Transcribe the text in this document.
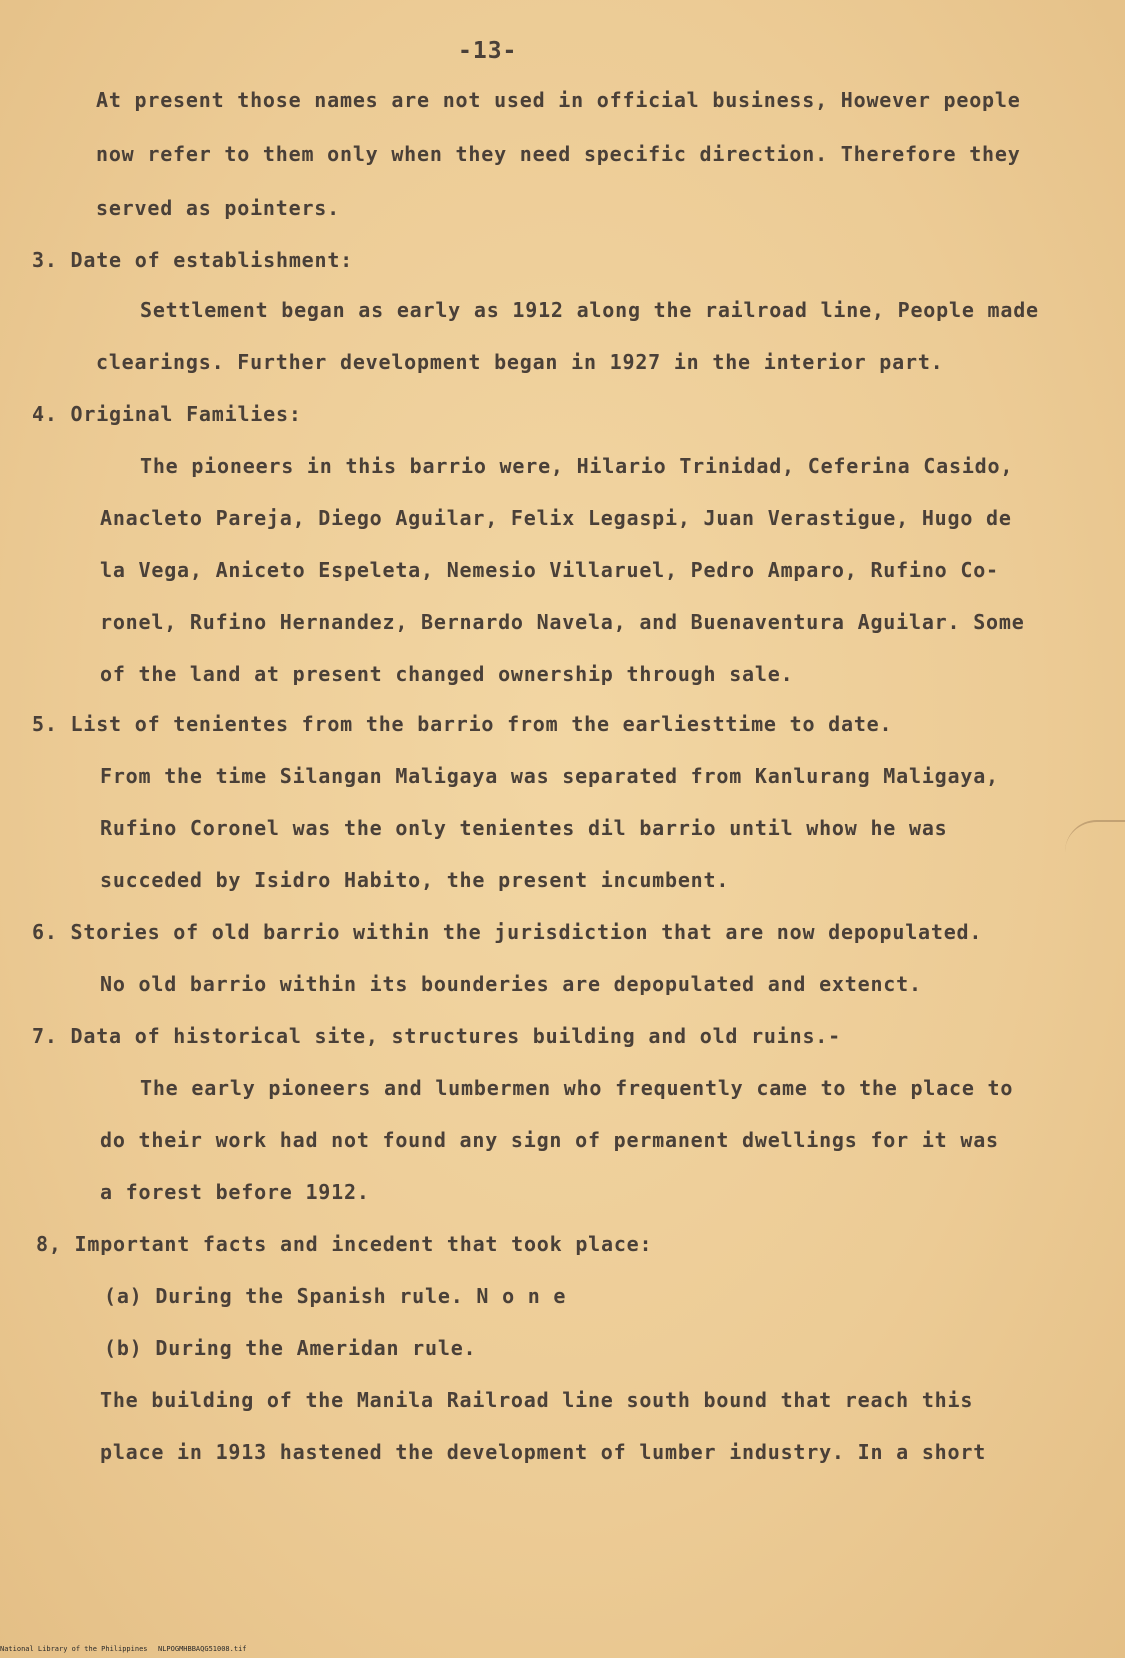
-13-
At present those names are not used in official business, However people
now refer to them only when they need specific direction. Therefore they
served as pointers.
3. Date of establishment:
Settlement began as early as 1912 along the railroad line, People made
clearings. Further development began in 1927 in the interior part.
4. Original Families:
The pioneers in this barrio were, Hilario Trinidad, Ceferina Casido,
Anacleto Pareja, Diego Aguilar, Felix Legaspi, Juan Verastigue, Hugo de
la Vega, Aniceto Espeleta, Nemesio Villaruel, Pedro Amparo, Rufino Co-
ronel, Rufino Hernandez, Bernardo Navela, and Buenaventura Aguilar. Some
of the land at present changed ownership through sale.
5. List of tenientes from the barrio from the earliesttime to date.
From the time Silangan Maligaya was separated from Kanlurang Maligaya,
Rufino Coronel was the only tenientes dil barrio until whow he was
succeded by Isidro Habito, the present incumbent.
6. Stories of old barrio within the jurisdiction that are now depopulated.
No old barrio within its bounderies are depopulated and extenct.
7. Data of historical site, structures building and old ruins.-
The early pioneers and lumbermen who frequently came to the place to
do their work had not found any sign of permanent dwellings for it was
a forest before 1912.
8, Important facts and incedent that took place:
(a) During the Spanish rule. N o n e
(b) During the Ameridan rule.
The building of the Manila Railroad line south bound that reach this
place in 1913 hastened the development of lumber industry. In a short
National Library of the Philippines NLPOGMHBBAQG51008.tif
